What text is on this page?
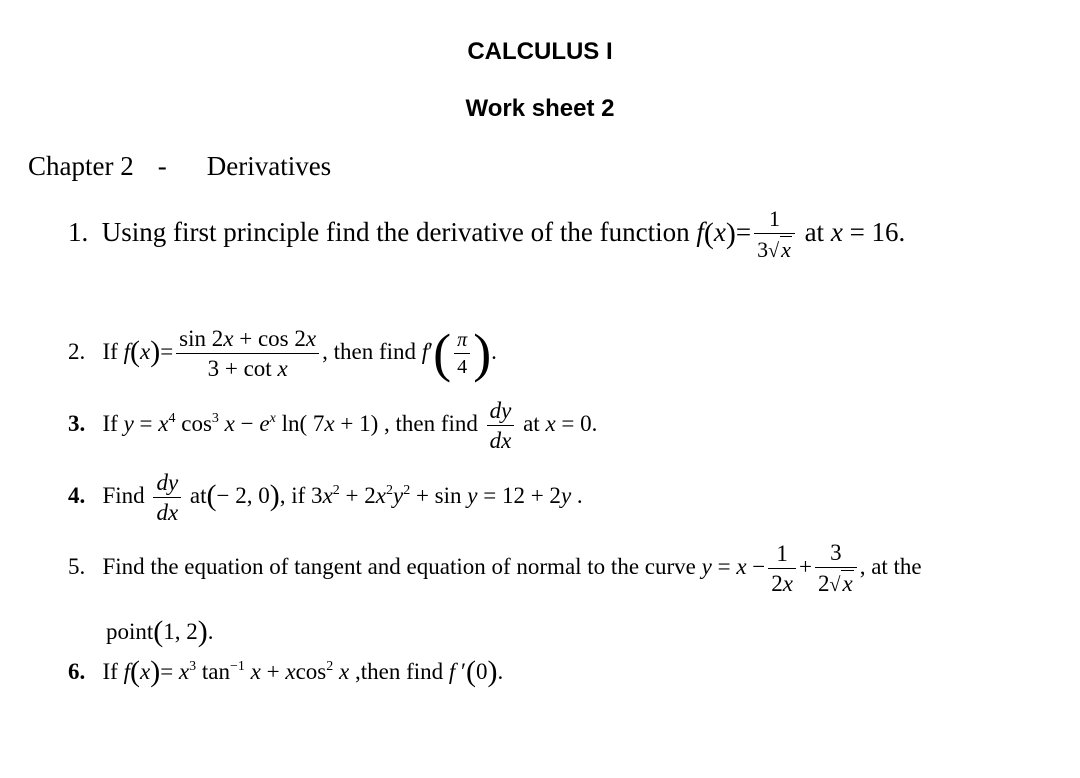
CALCULUS I
Work sheet 2
Chapter 2 - Derivatives
1.  Using first principle find the derivative of the function $f(x)= \frac{1}{3√x}$ at x = 16.
2.   If $f(x)= \frac{\sin 2x + \cos 2x}{\text{3 + cot x}}$ , then find $f'( \frac{\pi}{4}$ ).
3.   If $y = x^4$ $\cos^3 x - e^x$ ln( 7x + 1) , then find $\frac{dy}{dx}$ at x = 0.
4.   Find $\frac{dy}{dx} at(- 2$, 0), if $3x^2 + 2x^2y^2 + \sin y = 12 + 2y$ .
5.   Find the equation of tangent and equation of normal to the curve $y = x - \frac{1}{2x} + \frac{3}{2√x}$ , at the
point(1, 2).
6.   If $f(x)= x^3$ $\tan^{-1} x + xcos^2$ x ,then find f ′(0).
